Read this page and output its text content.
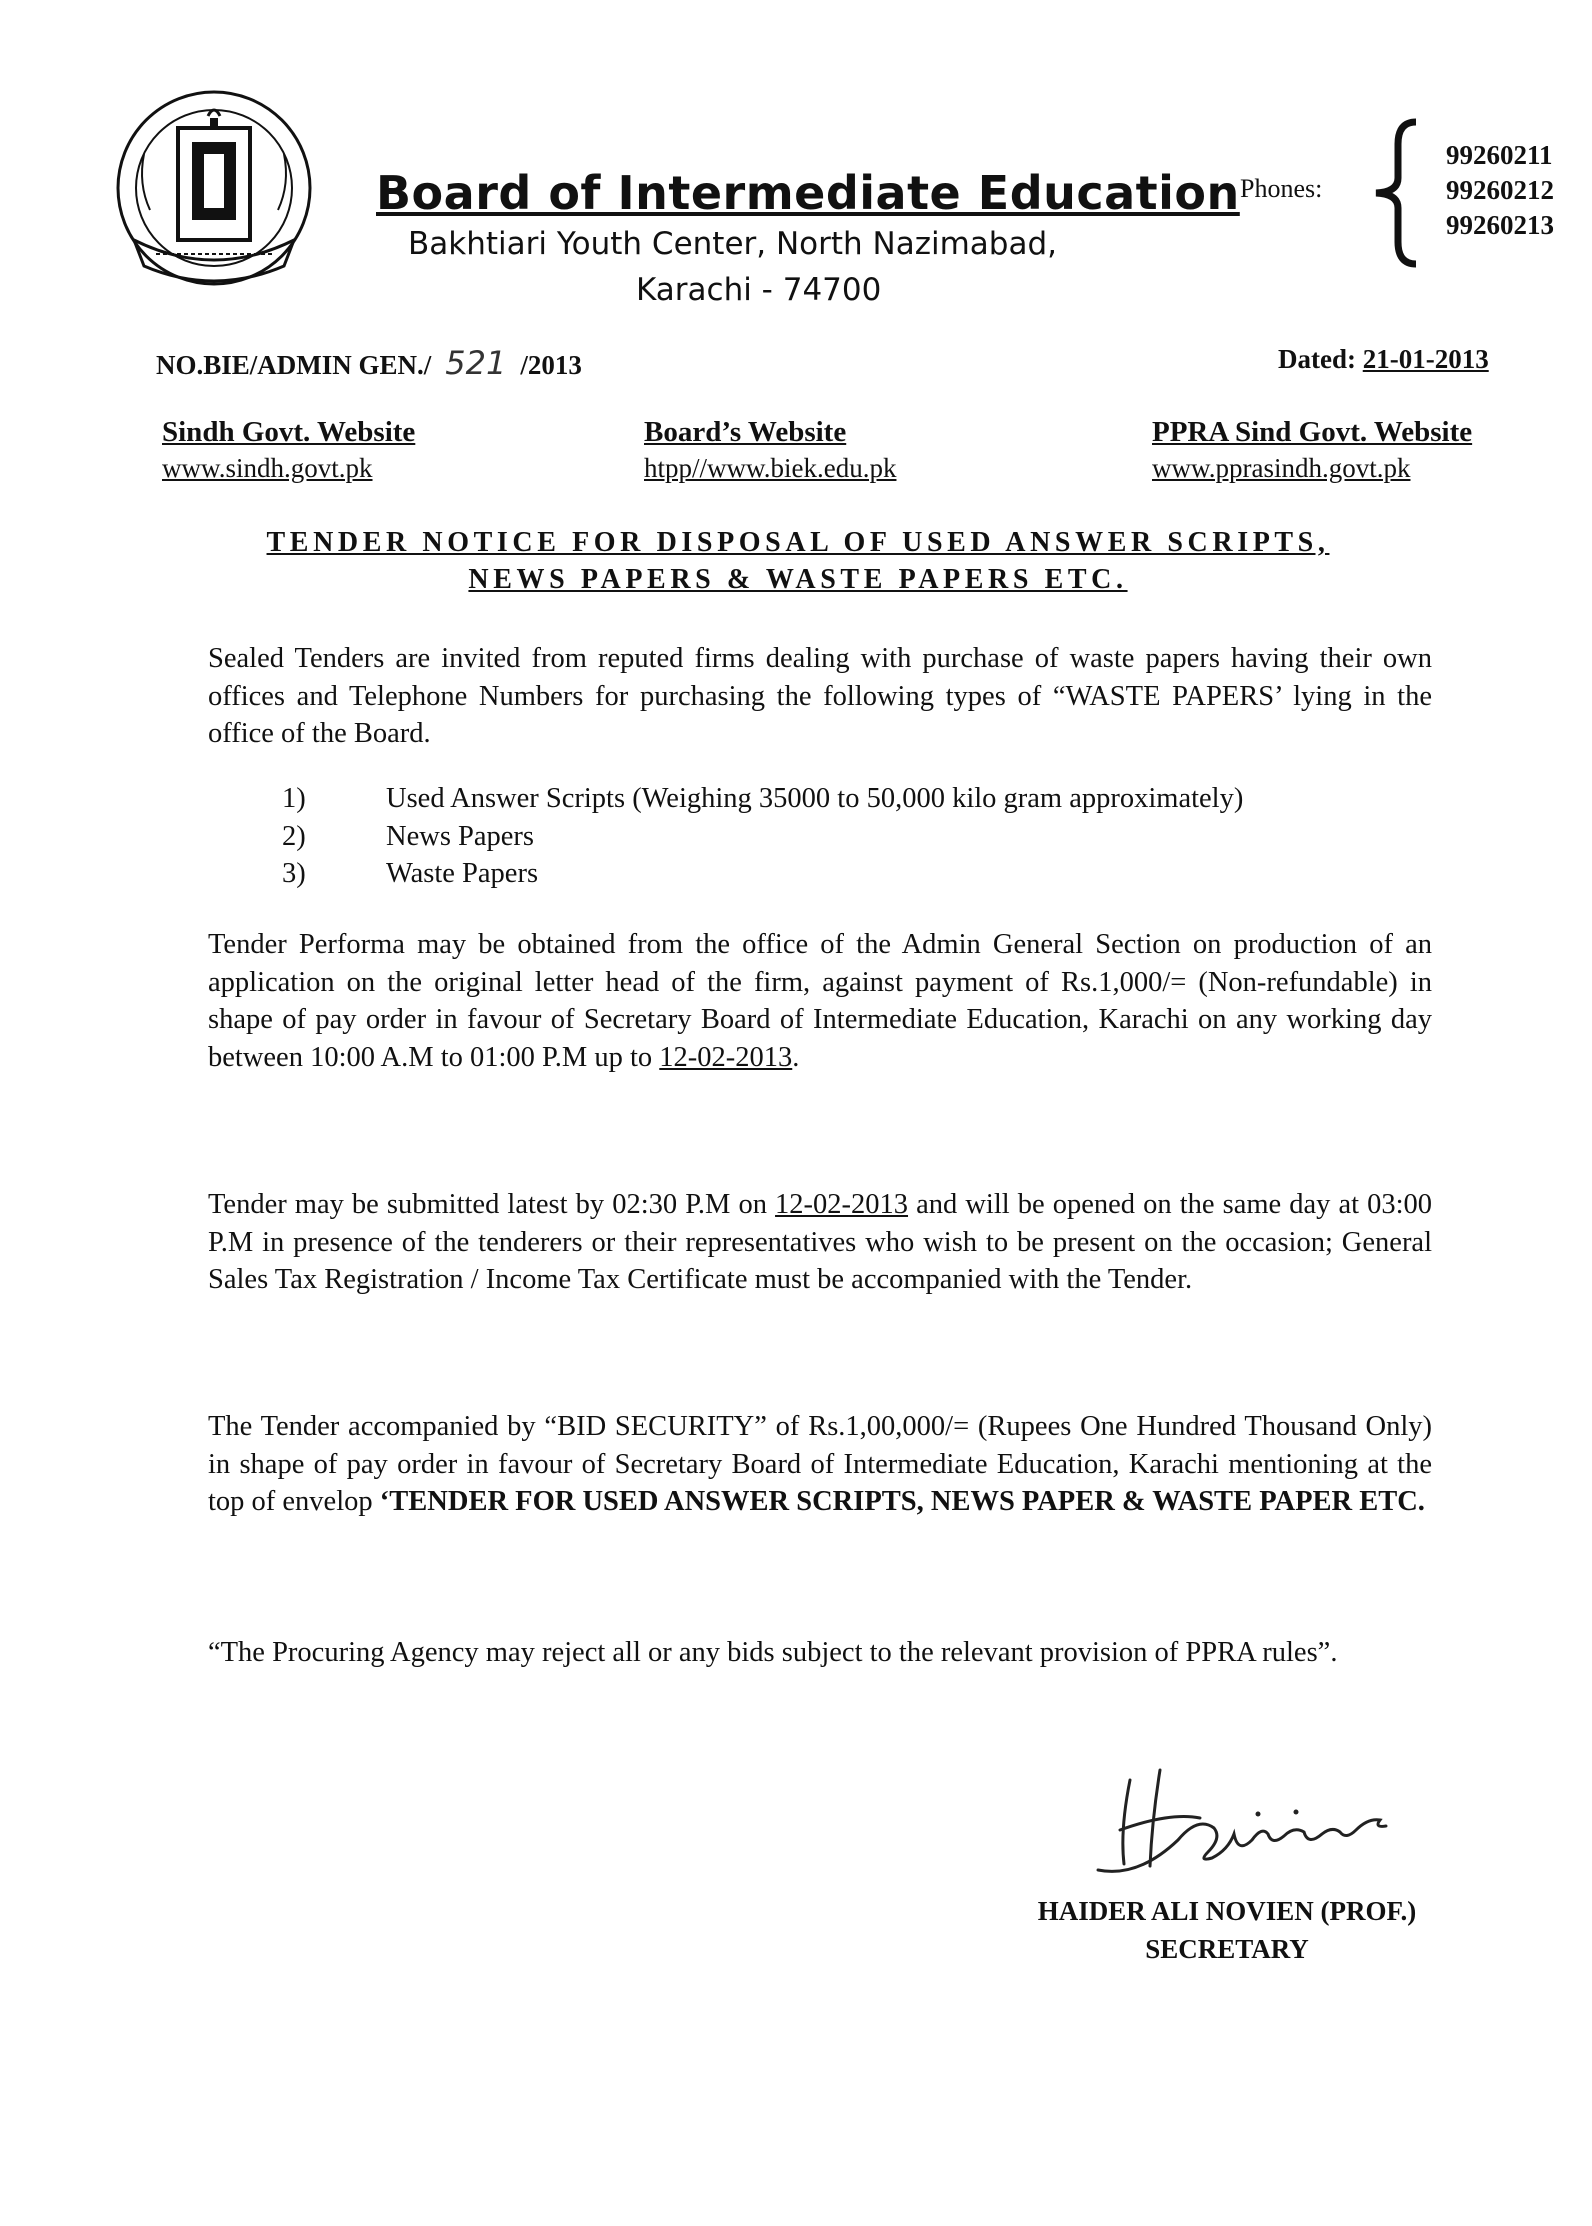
Board of Intermediate Education
Bakhtiari Youth Center, North Nazimabad,
Karachi - 74700
Phones:
99260211
99260212
99260213
NO.BIE/ADMIN GEN./ 521 /2013	Dated: 21-01-2013
Sindh Govt. Website
www.sindh.govt.pk
Board’s Website
htpp//www.biek.edu.pk
PPRA Sind Govt. Website
www.pprasindh.govt.pk
TENDER NOTICE FOR DISPOSAL OF USED ANSWER SCRIPTS,
NEWS PAPERS & WASTE PAPERS ETC.
Sealed Tenders are invited from reputed firms dealing with purchase of waste papers having their own offices and Telephone Numbers for purchasing the following types of “WASTE PAPERS’ lying in the office of the Board.
1)	Used Answer Scripts (Weighing 35000 to 50,000 kilo gram approximately)
2)	News Papers
3)	Waste Papers
Tender Performa may be obtained from the office of the Admin General Section on production of an application on the original letter head of the firm, against payment of Rs.1,000/= (Non-refundable) in shape of pay order in favour of Secretary Board of Intermediate Education, Karachi on any working day between 10:00 A.M to 01:00 P.M up to 12-02-2013.
Tender may be submitted latest by 02:30 P.M on 12-02-2013 and will be opened on the same day at 03:00 P.M in presence of the tenderers or their representatives who wish to be present on the occasion; General Sales Tax Registration / Income Tax Certificate must be accompanied with the Tender.
The Tender accompanied by “BID SECURITY” of Rs.1,00,000/= (Rupees One Hundred Thousand Only) in shape of pay order in favour of Secretary Board of Intermediate Education, Karachi mentioning at the top of envelop ‘TENDER FOR USED ANSWER SCRIPTS, NEWS PAPER & WASTE PAPER ETC.
“The Procuring Agency may reject all or any bids subject to the relevant provision of PPRA rules”.
HAIDER ALI NOVIEN (PROF.)
SECRETARY
